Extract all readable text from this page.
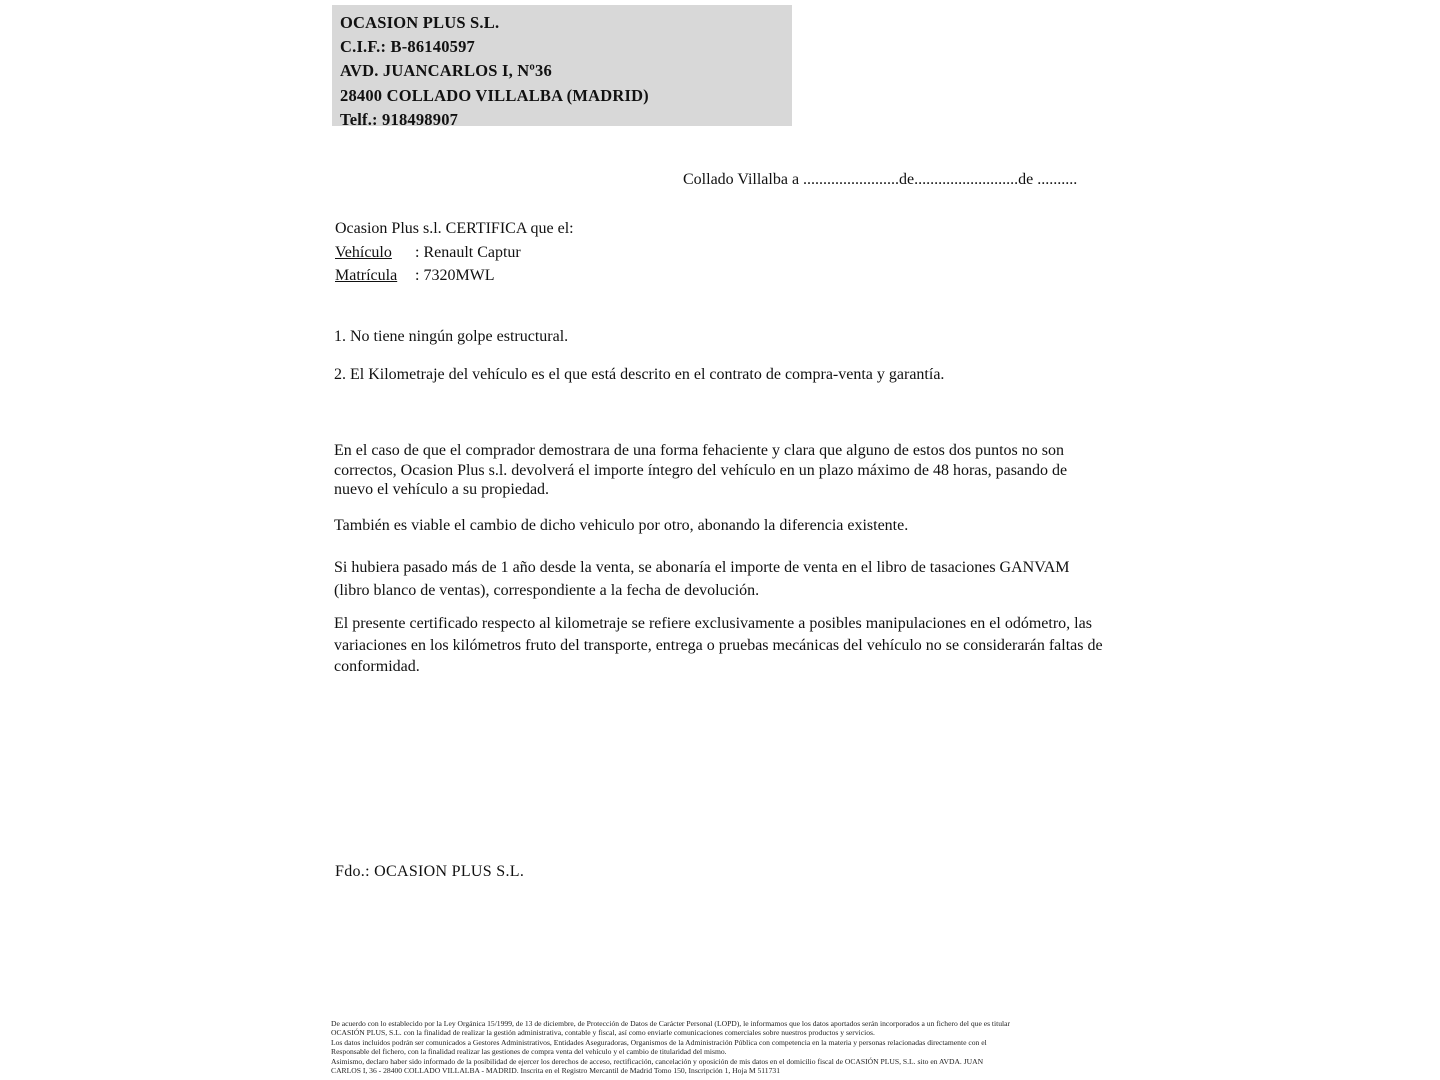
OCASION PLUS S.L.
C.I.F.: B-86140597
AVD. JUANCARLOS I, Nº36
28400 COLLADO VILLALBA (MADRID)
Telf.: 918498907
Collado Villalba a ........................de..........................de ..........
Ocasion Plus s.l. CERTIFICA que el:
Vehículo : Renault Captur
Matrícula : 7320MWL
1. No tiene ningún golpe estructural.
2. El Kilometraje del vehículo es el que está descrito en el contrato de compra-venta y garantía.
En el caso de que el comprador demostrara de una forma fehaciente y clara que alguno de estos dos puntos no son correctos, Ocasion Plus s.l. devolverá el importe íntegro del vehículo en un plazo máximo de 48 horas, pasando de nuevo el vehículo a su propiedad.
También es viable el cambio de dicho vehiculo por otro, abonando la diferencia existente.
Si hubiera pasado más de 1 año desde la venta, se abonaría el importe de venta en el libro de tasaciones GANVAM (libro blanco de ventas), correspondiente a la fecha de devolución.
El presente certificado respecto al kilometraje se refiere exclusivamente a posibles manipulaciones en el odómetro, las variaciones en los kilómetros fruto del transporte, entrega o pruebas mecánicas del vehículo no se considerarán faltas de conformidad.
Fdo.: OCASION PLUS S.L.
De acuerdo con lo establecido por la Ley Orgánica 15/1999, de 13 de diciembre, de Protección de Datos de Carácter Personal (LOPD), le informamos que los datos aportados serán incorporados a un fichero del que es titular
OCASIÓN PLUS, S.L. con la finalidad de realizar la gestión administrativa, contable y fiscal, así como enviarle comunicaciones comerciales sobre nuestros productos y servicios.
Los datos incluidos podrán ser comunicados a Gestores Administrativos, Entidades Aseguradoras, Organismos de la Administración Pública con competencia en la materia y personas relacionadas directamente con el
Responsable del fichero, con la finalidad realizar las gestiones de compra venta del vehículo y el cambio de titularidad del mismo.
Asimismo, declaro haber sido informado de la posibilidad de ejercer los derechos de acceso, rectificación, cancelación y oposición de mis datos en el domicilio fiscal de OCASIÓN PLUS, S.L. sito en AVDA. JUAN
CARLOS I, 36 - 28400 COLLADO VILLALBA - MADRID. Inscrita en el Registro Mercantil de Madrid Tomo 150, Inscripción 1, Hoja M 511731
